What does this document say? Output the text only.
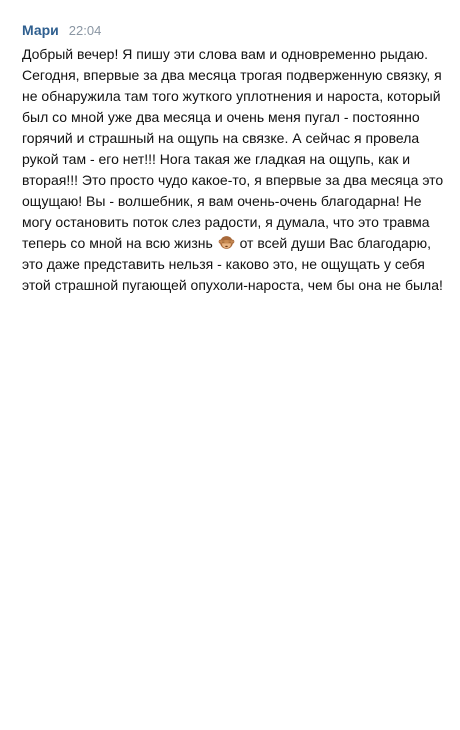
Мари 22:04
Добрый вечер! Я пишу эти слова вам и одновременно рыдаю. Сегодня, впервые за два месяца трогая подверженную связку, я не обнаружила там того жуткого уплотнения и нароста, который был со мной уже два месяца и очень меня пугал - постоянно горячий и страшный на ощупь на связке. А сейчас я провела рукой там - его нет!!! Нога такая же гладкая на ощупь, как и вторая!!! Это просто чудо какое-то, я впервые за два месяца это ощущаю! Вы - волшебник, я вам очень-очень благодарна! Не могу остановить поток слез радости, я думала, что это травма теперь со мной на всю жизнь от всей души Вас благодарю, это даже представить нельзя - каково это, не ощущать у себя этой страшной пугающей опухоли-нароста, чем бы она не была!
